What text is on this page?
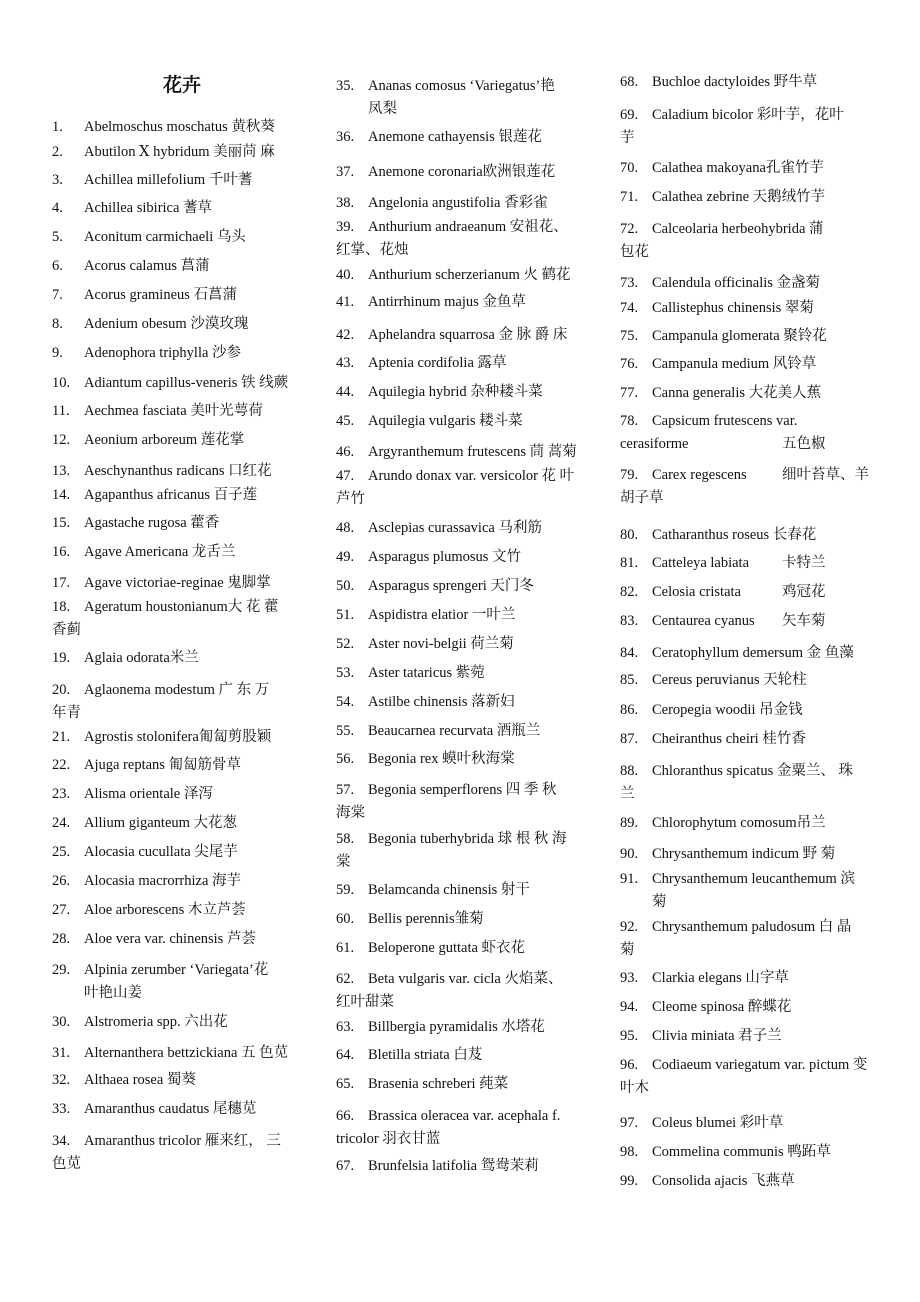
花卉
1. Abelmoschus moschatus 黄秋葵
2. Abutilon Ⅹ hybridum 美丽苘 麻
3. Achillea millefolium 千叶蓍
4. Achillea sibirica 蓍草
5. Aconitum carmichaeli 乌头
6. Acorus calamus 菖蒲
7. Acorus gramineus 石菖蒲
8. Adenium obesum 沙漠玫瑰
9. Adenophora triphylla 沙参
10. Adiantum capillus-veneris 铁 线蕨
11. Aechmea fasciata 美叶光萼荷
12. Aeonium arboreum 莲花掌
13. Aeschynanthus radicans 口红花
14. Agapanthus africanus 百子莲
15. Agastache rugosa 藿香
16. Agave Americana 龙舌兰
17. Agave victoriae-reginae 鬼脚掌
18. Ageratum houstonianum大 花 藿
香蓟
19. Aglaia odorata米兰
20. Aglaonema modestum 广 东 万
年青
21. Agrostis stolonifera匍匐剪股颖
22. Ajuga reptans 匍匐筋骨草
23. Alisma orientale 泽泻
24. Allium giganteum 大花葱
25. Alocasia cucullata 尖尾芋
26. Alocasia macrorrhiza 海芋
27. Aloe arborescens 木立芦荟
28. Aloe vera var. chinensis 芦荟
29. Alpinia zerumber ‘Variegata’花
叶艳山姜
30. Alstromeria spp. 六出花
31. Alternanthera bettzickiana 五 色苋
32. Althaea rosea 蜀葵
33. Amaranthus caudatus 尾穗苋
34. Amaranthus tricolor 雁来红， 三
色苋
35. Ananas comosus ‘Variegatus’艳
凤梨
36. Anemone cathayensis 银莲花
37. Anemone coronaria欧洲银莲花
38. Angelonia angustifolia 香彩雀
39. Anthurium andraeanum 安祖花、
红掌、花烛
40. Anthurium scherzerianum 火 鹤花
41. Antirrhinum majus 金鱼草
42. Aphelandra squarrosa 金 脉 爵 床
43. Aptenia cordifolia 露草
44. Aquilegia hybrid 杂种耧斗菜
45. Aquilegia vulgaris 耧斗菜
46. Argyranthemum frutescens 茼 蒿菊
47. Arundo donax var. versicolor 花 叶
芦竹
48. Asclepias curassavica 马利筋
49. Asparagus plumosus 文竹
50. Asparagus sprengeri 天门冬
51. Aspidistra elatior 一叶兰
52. Aster novi-belgii 荷兰菊
53. Aster tataricus 紫菀
54. Astilbe chinensis 落新妇
55. Beaucarnea recurvata 酒瓶兰
56. Begonia rex 蟆叶秋海棠
57. Begonia semperflorens 四 季 秋
海棠
58. Begonia tuberhybrida 球 根 秋 海
棠
59. Belamcanda chinensis 射干
60. Bellis perennis雏菊
61. Beloperone guttata 虾衣花
62. Beta vulgaris var. cicla 火焰菜、
红叶甜菜
63. Billbergia pyramidalis 水塔花
64. Bletilla striata 白芨
65. Brasenia schreberi 莼菜
66. Brassica oleracea var. acephala f.
tricolor 羽衣甘蓝
67. Brunfelsia latifolia 鸳鸯茉莉
68. Buchloe dactyloides 野牛草
69. Caladium bicolor 彩叶芋，花叶
芋
70. Calathea makoyana孔雀竹芋
71. Calathea zebrine 天鹅绒竹芋
72. Calceolaria herbeohybrida 蒲
包花
73. Calendula officinalis 金盏菊
74. Callistephus chinensis 翠菊
75. Campanula glomerata 聚铃花
76. Campanula medium 风铃草
77. Canna generalis 大花美人蕉
78. Capsicum frutescens var.
cerasiforme	五色椒
79. Carex regescens 细叶苔草、羊
胡子草
80. Catharanthus roseus 长春花
81. Catteleya labiata 卡特兰
82. Celosia cristata	鸡冠花
83. Centaurea cyanus 矢车菊
84. Ceratophyllum demersum 金 鱼藻
85. Cereus peruvianus 天轮柱
86. Ceropegia woodii 吊金钱
87. Cheiranthus cheiri 桂竹香
88. Chloranthus spicatus 金粟兰、 珠
兰
89. Chlorophytum comosum吊兰
90. Chrysanthemum indicum 野 菊
91. Chrysanthemum leucanthemum 滨
菊
92. Chrysanthemum paludosum 白 晶
菊
93. Clarkia elegans 山字草
94. Cleome spinosa 醉蝶花
95. Clivia miniata 君子兰
96. Codiaeum variegatum var. pictum 变
叶木
97. Coleus blumei 彩叶草
98. Commelina communis 鸭跖草
99. Consolida ajacis 飞燕草
